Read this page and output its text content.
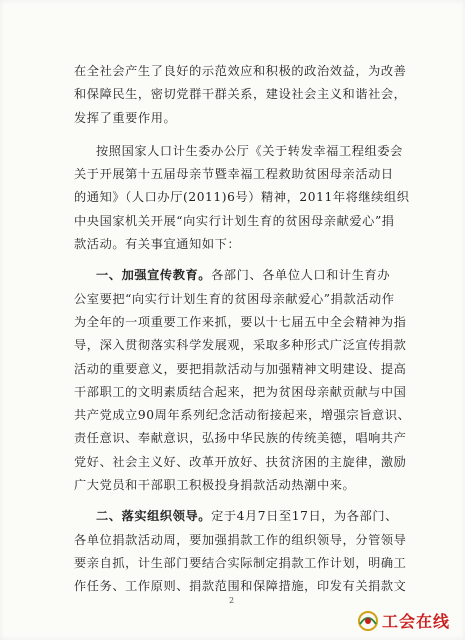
在全社会产生了良好的示范效应和积极的政治效益，为改善
和保障民生，密切党群干群关系，建设社会主义和谐社会，
发挥了重要作用。
按照国家人口计生委办公厅《关于转发幸福工程组委会
关于开展第十五届母亲节暨幸福工程救助贫困母亲活动日
的通知》（人口办厅(2011)6号）精神，2011年将继续组织
中央国家机关开展“向实行计划生育的贫困母亲献爱心”捐
款活动。有关事宜通知如下：
一、加强宣传教育。各部门、各单位人口和计生育办
公室要把“向实行计划生育的贫困母亲献爱心”捐款活动作
为全年的一项重要工作来抓，要以十七届五中全会精神为指
导，深入贯彻落实科学发展观，采取多种形式广泛宣传捐款
活动的重要意义，要把捐款活动与加强精神文明建设、提高
干部职工的文明素质结合起来，把为贫困母亲献贡献与中国
共产党成立90周年系列纪念活动衔接起来，增强宗旨意识、
责任意识、奉献意识，弘扬中华民族的传统美德，唱响共产
党好、社会主义好、改革开放好、扶贫济困的主旋律，激励
广大党员和干部职工积极投身捐款活动热潮中来。
二、落实组织领导。定于4月7日至17日，为各部门、
各单位捐款活动周，要加强捐款工作的组织领导，分管领导
要亲自抓，计生部门要结合实际制定捐款工作计划，明确工
作任务、工作原则、捐款范围和保障措施，印发有关捐款文
2
工会在线
